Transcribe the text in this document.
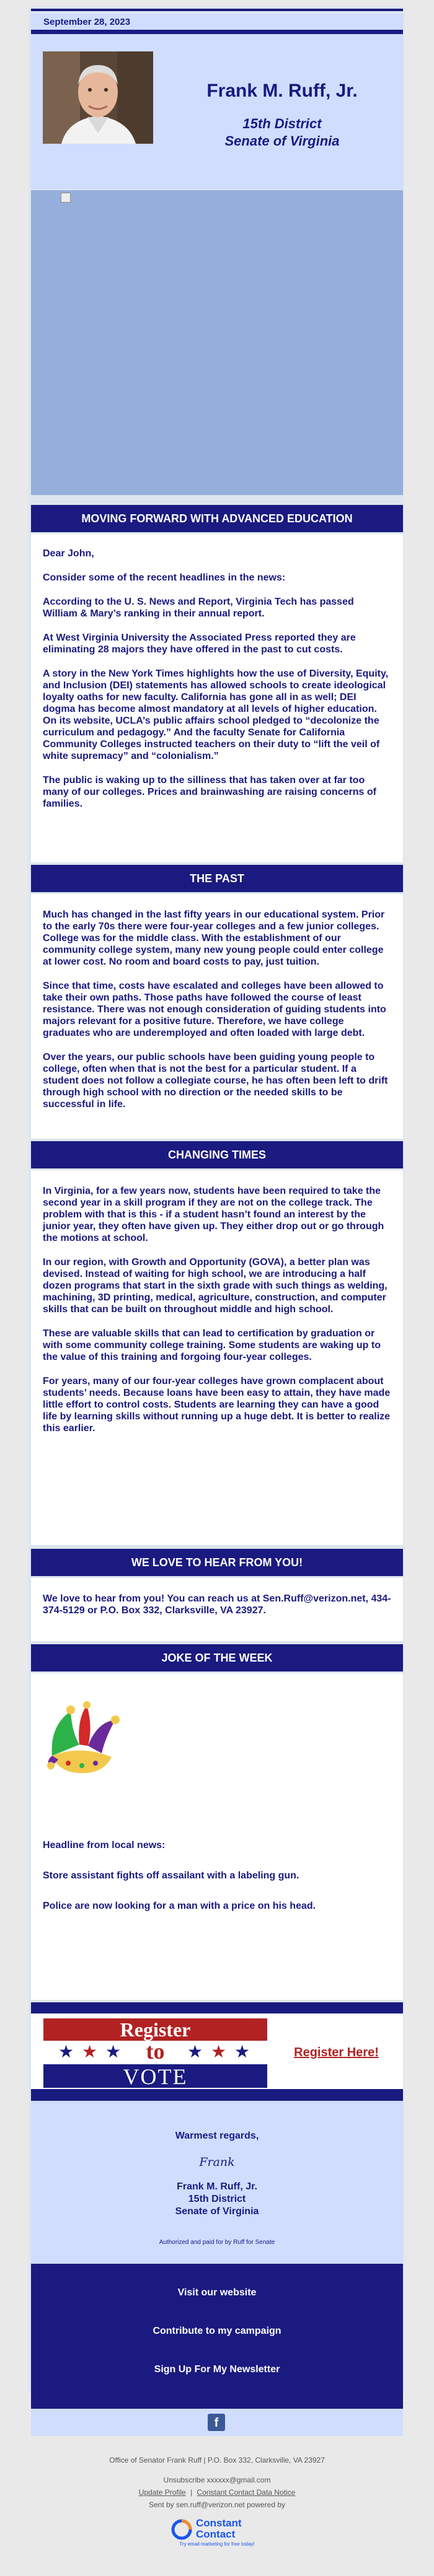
September 28, 2023
Frank M. Ruff, Jr.
15th District
Senate of Virginia
MOVING FORWARD WITH ADVANCED EDUCATION

Dear John,

Consider some of the recent headlines in the news:

According to the U. S. News and Report, Virginia Tech has passed William & Mary’s ranking in their annual report.

At West Virginia University the Associated Press reported they are eliminating 28 majors they have offered in the past to cut costs.

A story in the New York Times highlights how the use of Diversity, Equity, and Inclusion (DEI) statements has allowed schools to create ideological loyalty oaths for new faculty. California has gone all in as well; DEI dogma has become almost mandatory at all levels of higher education. On its website, UCLA’s public affairs school pledged to “decolonize the curriculum and pedagogy.” And the faculty Senate for California Community Colleges instructed teachers on their duty to “lift the veil of white supremacy” and “colonialism.”

The public is waking up to the silliness that has taken over at far too many of our colleges. Prices and brainwashing are raising concerns of families.

THE PAST

Much has changed in the last fifty years in our educational system. Prior to the early 70s there were four-year colleges and a few junior colleges. College was for the middle class. With the establishment of our community college system, many new young people could enter college at lower cost. No room and board costs to pay, just tuition.

Since that time, costs have escalated and colleges have been allowed to take their own paths. Those paths have followed the course of least resistance. There was not enough consideration of guiding students into majors relevant for a positive future. Therefore, we have college graduates who are underemployed and often loaded with large debt.

Over the years, our public schools have been guiding young people to college, often when that is not the best for a particular student. If a student does not follow a collegiate course, he has often been left to drift through high school with no direction or the needed skills to be successful in life.

CHANGING TIMES

In Virginia, for a few years now, students have been required to take the second year in a skill program if they are not on the college track. The problem with that is this - if a student hasn’t found an interest by the junior year, they often have given up. They either drop out or go through the motions at school.

In our region, with Growth and Opportunity (GOVA), a better plan was devised. Instead of waiting for high school, we are introducing a half dozen programs that start in the sixth grade with such things as welding, machining, 3D printing, medical, agriculture, construction, and computer skills that can be built on throughout middle and high school.

These are valuable skills that can lead to certification by graduation or with some community college training. Some students are waking up to the value of this training and forgoing four-year colleges.

For years, many of our four-year colleges have grown complacent about students’ needs. Because loans have been easy to attain, they have made little effort to control costs. Students are learning they can have a good life by learning skills without running up a huge debt. It is better to realize this earlier.

WE LOVE TO HEAR FROM YOU!

We love to hear from you! You can reach us at Sen.Ruff@verizon.net, 434-374-5129 or P.O. Box 332, Clarksville, VA 23927.

JOKE OF THE WEEK

Headline from local news:

Store assistant fights off assailant with a labeling gun.

Police are now looking for a man with a price on his head.

Register
★ ★ ★	to	★ ★ ★
VOTE
Register Here!
Warmest regards,
Frank
Frank M. Ruff, Jr.
15th District
Senate of Virginia
Authorized and paid for by Ruff for Senate
Visit our website
Contribute to my campaign
Sign Up For My Newsletter
f
Office of Senator Frank Ruff | P.O. Box 332, Clarksville, VA 23927
Unsubscribe xxxxxx@gmail.com
Update Profile | Constant Contact Data Notice
Sent by sen.ruff@verizon.net powered by
Constant
Contact
Try email marketing for free today!
